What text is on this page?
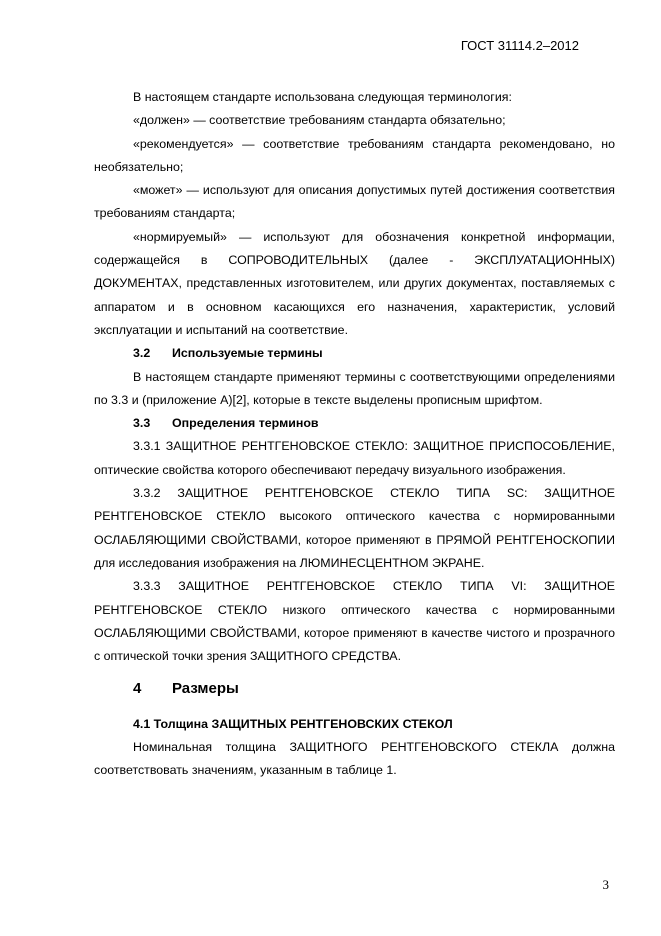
ГОСТ 31114.2–2012

В настоящем стандарте использована следующая терминология:

«должен» — соответствие требованиям стандарта обязательно;

«рекомендуется» — соответствие требованиям стандарта рекомендовано, но необязательно;

«может» — используют для описания допустимых путей достижения соответствия требованиям стандарта;

«нормируемый» — используют для обозначения конкретной информации, содержащейся в СОПРОВОДИТЕЛЬНЫХ (далее - ЭКСПЛУАТАЦИОННЫХ) ДОКУМЕНТАХ, представленных изготовителем, или других документах, поставляемых с аппаратом и в основном касающихся его назначения, характеристик, условий эксплуатации и испытаний на соответствие.

3.2 Используемые термины

В настоящем стандарте применяют термины с соответствующими определениями по 3.3 и (приложение А)[2], которые в тексте выделены прописным шрифтом.

3.3 Определения терминов

3.3.1 ЗАЩИТНОЕ РЕНТГЕНОВСКОЕ СТЕКЛО: ЗАЩИТНОЕ ПРИСПОСОБЛЕНИЕ, оптические свойства которого обеспечивают передачу визуального изображения.

3.3.2 ЗАЩИТНОЕ РЕНТГЕНОВСКОЕ СТЕКЛО ТИПА SC: ЗАЩИТНОЕ РЕНТГЕНОВСКОЕ СТЕКЛО высокого оптического качества с нормированными ОСЛАБЛЯЮЩИМИ СВОЙСТВАМИ, которое применяют в ПРЯМОЙ РЕНТГЕНОСКОПИИ для исследования изображения на ЛЮМИНЕСЦЕНТНОМ ЭКРАНЕ.

3.3.3 ЗАЩИТНОЕ РЕНТГЕНОВСКОЕ СТЕКЛО ТИПА VI: ЗАЩИТНОЕ РЕНТГЕНОВСКОЕ СТЕКЛО низкого оптического качества с нормированными ОСЛАБЛЯЮЩИМИ СВОЙСТВАМИ, которое применяют в качестве чистого и прозрачного с оптической точки зрения ЗАЩИТНОГО СРЕДСТВА.

4 Размеры

4.1 Толщина ЗАЩИТНЫХ РЕНТГЕНОВСКИХ СТЕКОЛ

Номинальная толщина ЗАЩИТНОГО РЕНТГЕНОВСКОГО СТЕКЛА должна соответствовать значениям, указанным в таблице 1.

3
